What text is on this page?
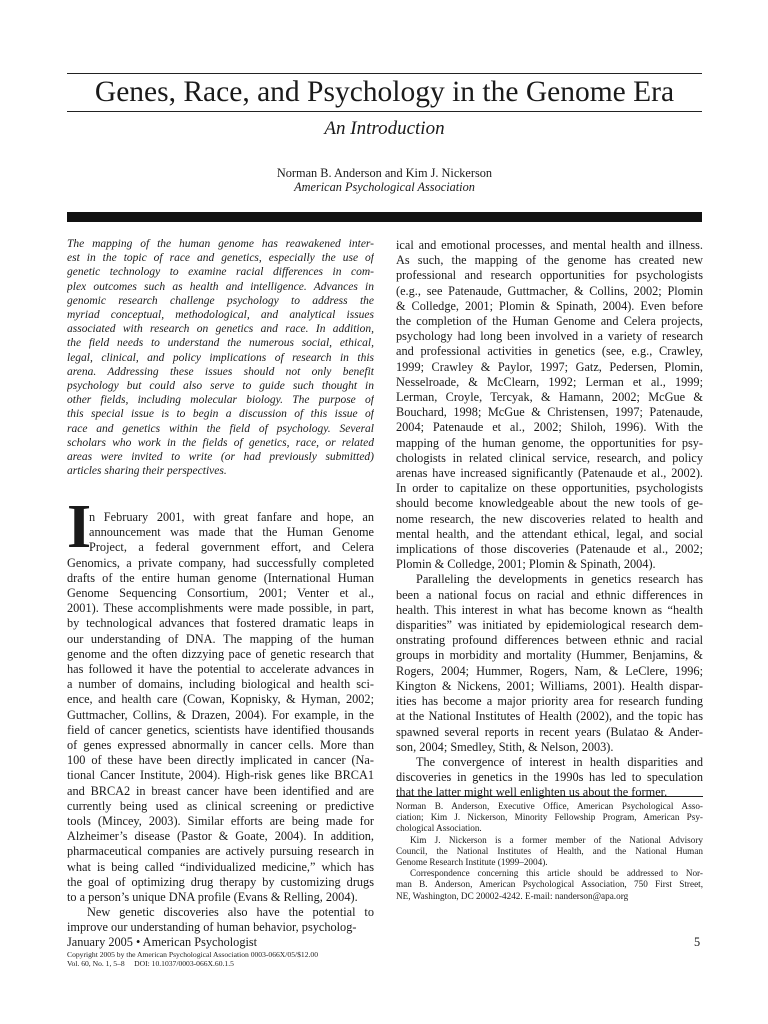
Genes, Race, and Psychology in the Genome Era
An Introduction
Norman B. Anderson and Kim J. Nickerson
American Psychological Association
The mapping of the human genome has reawakened inter-
est in the topic of race and genetics, especially the use of
genetic technology to examine racial differences in com-
plex outcomes such as health and intelligence. Advances in
genomic research challenge psychology to address the
myriad conceptual, methodological, and analytical issues
associated with research on genetics and race. In addition,
the field needs to understand the numerous social, ethical,
legal, clinical, and policy implications of research in this
arena. Addressing these issues should not only benefit
psychology but could also serve to guide such thought in
other fields, including molecular biology. The purpose of
this special issue is to begin a discussion of this issue of
race and genetics within the field of psychology. Several
scholars who work in the fields of genetics, race, or related
areas were invited to write (or had previously submitted)
articles sharing their perspectives.
I
n February 2001, with great fanfare and hope, an
announcement was made that the Human Genome
Project, a federal government effort, and Celera
Genomics, a private company, had successfully completed
drafts of the entire human genome (International Human
Genome Sequencing Consortium, 2001; Venter et al.,
2001). These accomplishments were made possible, in part,
by technological advances that fostered dramatic leaps in
our understanding of DNA. The mapping of the human
genome and the often dizzying pace of genetic research that
has followed it have the potential to accelerate advances in
a number of domains, including biological and health sci-
ence, and health care (Cowan, Kopnisky, & Hyman, 2002;
Guttmacher, Collins, & Drazen, 2004). For example, in the
field of cancer genetics, scientists have identified thousands
of genes expressed abnormally in cancer cells. More than
100 of these have been directly implicated in cancer (Na-
tional Cancer Institute, 2004). High-risk genes like BRCA1
and BRCA2 in breast cancer have been identified and are
currently being used as clinical screening or predictive
tools (Mincey, 2003). Similar efforts are being made for
Alzheimer’s disease (Pastor & Goate, 2004). In addition,
pharmaceutical companies are actively pursuing research in
what is being called “individualized medicine,” which has
the goal of optimizing drug therapy by customizing drugs
to a person’s unique DNA profile (Evans & Relling, 2004).
New genetic discoveries also have the potential to
improve our understanding of human behavior, psycholog-
ical and emotional processes, and mental health and illness.
As such, the mapping of the genome has created new
professional and research opportunities for psychologists
(e.g., see Patenaude, Guttmacher, & Collins, 2002; Plomin
& Colledge, 2001; Plomin & Spinath, 2004). Even before
the completion of the Human Genome and Celera projects,
psychology had long been involved in a variety of research
and professional activities in genetics (see, e.g., Crawley,
1999; Crawley & Paylor, 1997; Gatz, Pedersen, Plomin,
Nesselroade, & McClearn, 1992; Lerman et al., 1999;
Lerman, Croyle, Tercyak, & Hamann, 2002; McGue &
Bouchard, 1998; McGue & Christensen, 1997; Patenaude,
2004; Patenaude et al., 2002; Shiloh, 1996). With the
mapping of the human genome, the opportunities for psy-
chologists in related clinical service, research, and policy
arenas have increased significantly (Patenaude et al., 2002).
In order to capitalize on these opportunities, psychologists
should become knowledgeable about the new tools of ge-
nome research, the new discoveries related to health and
mental health, and the attendant ethical, legal, and social
implications of those discoveries (Patenaude et al., 2002;
Plomin & Colledge, 2001; Plomin & Spinath, 2004).
Paralleling the developments in genetics research has
been a national focus on racial and ethnic differences in
health. This interest in what has become known as “health
disparities” was initiated by epidemiological research dem-
onstrating profound differences between ethnic and racial
groups in morbidity and mortality (Hummer, Benjamins, &
Rogers, 2004; Hummer, Rogers, Nam, & LeClere, 1996;
Kington & Nickens, 2001; Williams, 2001). Health dispar-
ities has become a major priority area for research funding
at the National Institutes of Health (2002), and the topic has
spawned several reports in recent years (Bulatao & Ander-
son, 2004; Smedley, Stith, & Nelson, 2003).
The convergence of interest in health disparities and
discoveries in genetics in the 1990s has led to speculation
that the latter might well enlighten us about the former.
Norman B. Anderson, Executive Office, American Psychological Asso-
ciation; Kim J. Nickerson, Minority Fellowship Program, American Psy-
chological Association.
Kim J. Nickerson is a former member of the National Advisory
Council, the National Institutes of Health, and the National Human
Genome Research Institute (1999–2004).
Correspondence concerning this article should be addressed to Nor-
man B. Anderson, American Psychological Association, 750 First Street,
NE, Washington, DC 20002-4242. E-mail: nanderson@apa.org
January 2005 • American Psychologist	5
Copyright 2005 by the American Psychological Association 0003-066X/05/$12.00
Vol. 60, No. 1, 5–8     DOI: 10.1037/0003-066X.60.1.5
